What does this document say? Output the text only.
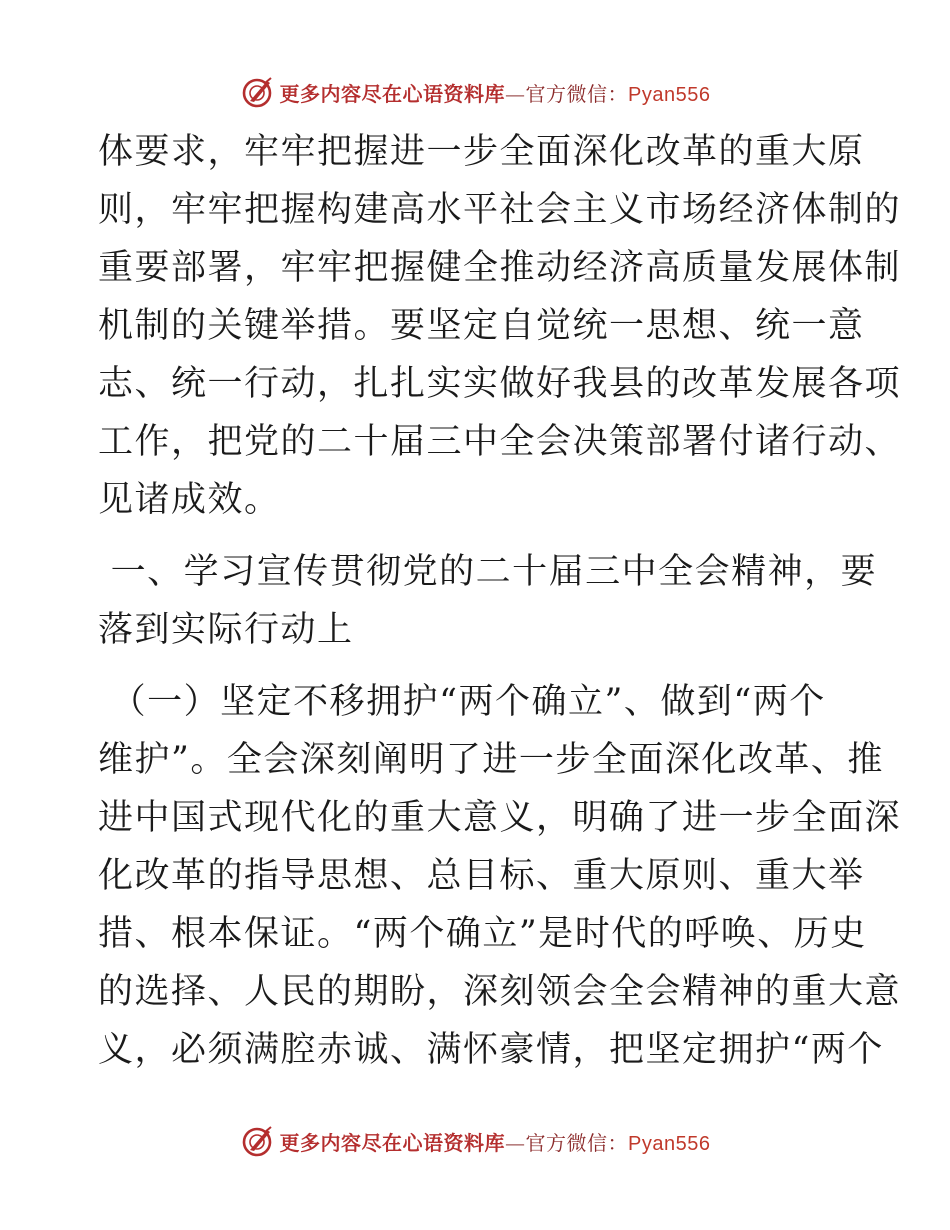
更多内容尽在心语资料库—官方微信：Pyan556
体要求，牢牢把握进一步全面深化改革的重大原
则，牢牢把握构建高水平社会主义市场经济体制的
重要部署，牢牢把握健全推动经济高质量发展体制
机制的关键举措。要坚定自觉统一思想、统一意
志、统一行动，扎扎实实做好我县的改革发展各项
工作，把党的二十届三中全会决策部署付诸行动、
见诸成效。
一、学习宣传贯彻党的二十届三中全会精神，要
落到实际行动上
（一）坚定不移拥护“两个确立”、做到“两个
维护”。全会深刻阐明了进一步全面深化改革、推
进中国式现代化的重大意义，明确了进一步全面深
化改革的指导思想、总目标、重大原则、重大举
措、根本保证。“两个确立”是时代的呼唤、历史
的选择、人民的期盼，深刻领会全会精神的重大意
义，必须满腔赤诚、满怀豪情，把坚定拥护“两个
更多内容尽在心语资料库—官方微信：Pyan556
